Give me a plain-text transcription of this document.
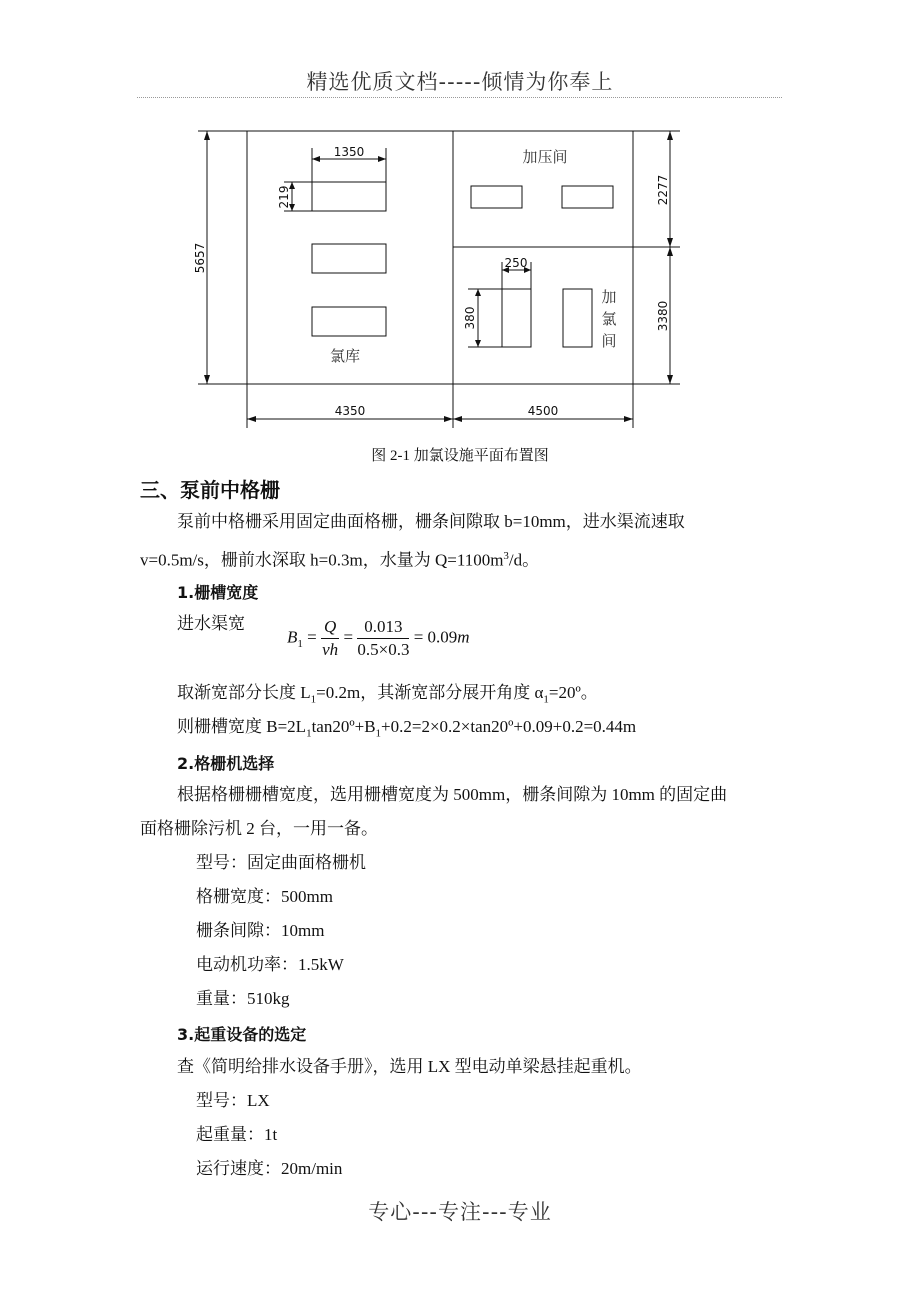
精选优质文档-----倾情为你奉上
1350
219
5657
2277
3380
250
380
4350	4500
加压间
氯库
加
氯
间
图 2-1 加氯设施平面布置图
三、泵前中格栅
泵前中格栅采用固定曲面格栅，栅条间隙取 b=10mm，进水渠流速取
v=0.5m/s，栅前水深取 h=0.3m，水量为 $Q=1100m^3/d$。
1.栅槽宽度
进水渠宽
$B_1 = \frac{Q}{vh} = \frac{0.013}{0.5\times 0.3} = 0.09m$
取渐宽部分长度 $L_1=0.2m$，其渐宽部分展开角度 $\alpha_1=20º$。
则栅槽宽度 $B=2L_1\tan 20º+B_1+0.2=2\times 0.2\times\tan 20º+0.09+0.2=0.44m$
2.格栅机选择
根据格栅栅槽宽度，选用栅槽宽度为 500mm，栅条间隙为 10mm 的固定曲
面格栅除污机 2 台，一用一备。
型号：固定曲面格栅机
格栅宽度：500mm
栅条间隙：10mm
电动机功率：1.5kW
重量：510kg
3.起重设备的选定
查《简明给排水设备手册》，选用 LX 型电动单梁悬挂起重机。
型号：LX
起重量：1t
运行速度：20m/min
专心---专注---专业
